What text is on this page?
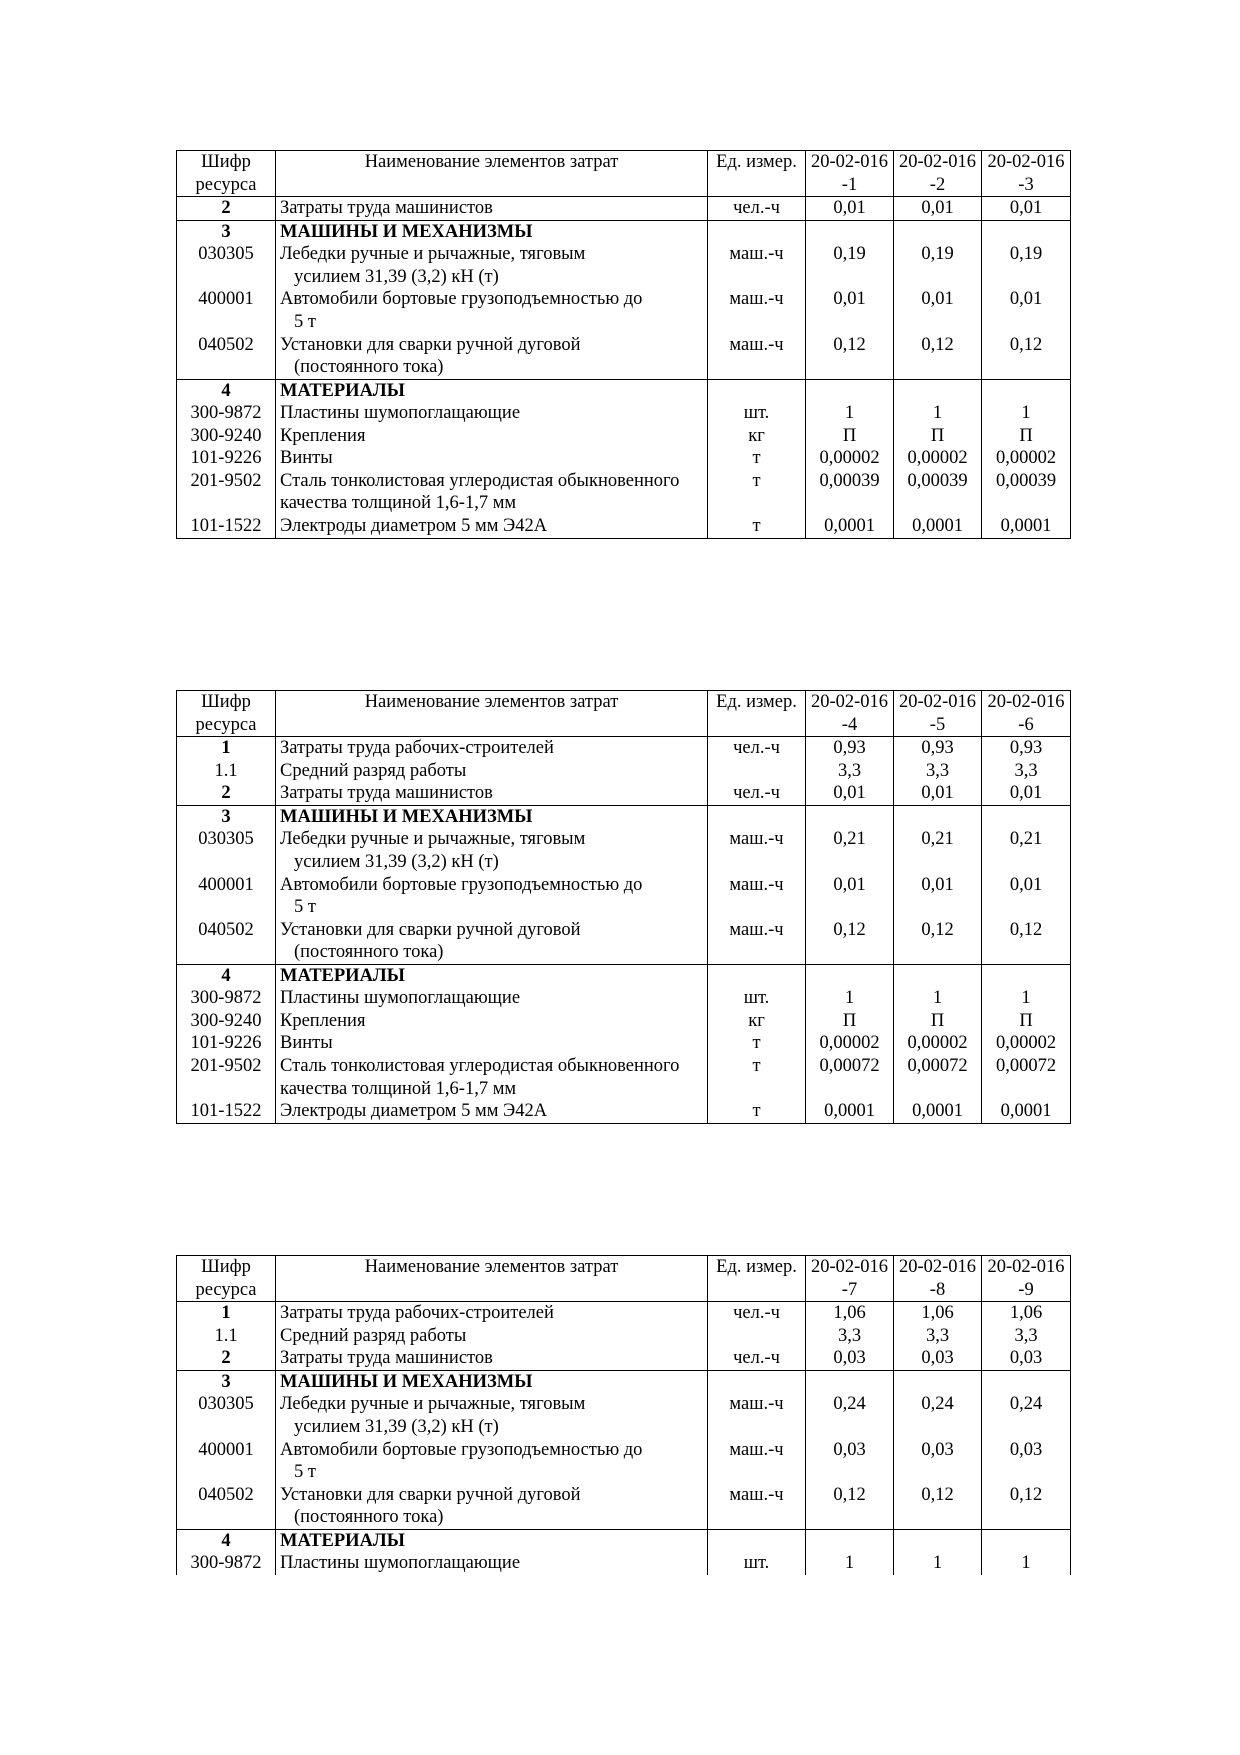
Шифр ресурса	Наименование элементов затрат	Ед. измер.	20-02-016-1	20-02-016-2	20-02-016-3
2	Затраты труда машинистов	чел.-ч	0,01	0,01	0,01
3	МАШИНЫ И МЕХАНИЗМЫ				

030305	Лебедки ручные и рычажные, тяговым
усилием 31,39 (3,2) кН (т)	маш.-ч	0,19	0,19	0,19
400001	Автомобили бортовые грузоподъемностью до
5 т	маш.-ч	0,01	0,01	0,01
040502	Установки для сварки ручной дуговой
(постоянного тока)	маш.-ч	0,12	0,12	0,12
4	МАТЕРИАЛЫ				

300-9872	Пластины шумопоглащающие	шт.	1	1	1
300-9240	Крепления	кг	П	П	П
101-9226	Винты	т	0,00002	0,00002	0,00002
201-9502	Сталь тонколистовая углеродистая обыкновенного качества толщиной 1,6-1,7 мм	т	0,00039	0,00039	0,00039
101-1522	Электроды диаметром 5 мм Э42А	т	0,0001	0,0001	0,0001
Шифр ресурса	Наименование элементов затрат	Ед. измер.	20-02-016-4	20-02-016-5	20-02-016-6
1	Затраты труда рабочих-строителей	чел.-ч	0,93	0,93	0,93
1.1	Средний разряд работы		3,3	3,3	3,3
2	Затраты труда машинистов	чел.-ч	0,01	0,01	0,01
3	МАШИНЫ И МЕХАНИЗМЫ				

030305	Лебедки ручные и рычажные, тяговым
усилием 31,39 (3,2) кН (т)	маш.-ч	0,21	0,21	0,21
400001	Автомобили бортовые грузоподъемностью до
5 т	маш.-ч	0,01	0,01	0,01
040502	Установки для сварки ручной дуговой
(постоянного тока)	маш.-ч	0,12	0,12	0,12
4	МАТЕРИАЛЫ				

300-9872	Пластины шумопоглащающие	шт.	1	1	1
300-9240	Крепления	кг	П	П	П
101-9226	Винты	т	0,00002	0,00002	0,00002
201-9502	Сталь тонколистовая углеродистая обыкновенного качества толщиной 1,6-1,7 мм	т	0,00072	0,00072	0,00072
101-1522	Электроды диаметром 5 мм Э42А	т	0,0001	0,0001	0,0001
Шифр ресурса	Наименование элементов затрат	Ед. измер.	20-02-016-7	20-02-016-8	20-02-016-9
1	Затраты труда рабочих-строителей	чел.-ч	1,06	1,06	1,06
1.1	Средний разряд работы		3,3	3,3	3,3
2	Затраты труда машинистов	чел.-ч	0,03	0,03	0,03
3	МАШИНЫ И МЕХАНИЗМЫ				

030305	Лебедки ручные и рычажные, тяговым
усилием 31,39 (3,2) кН (т)	маш.-ч	0,24	0,24	0,24
400001	Автомобили бортовые грузоподъемностью до
5 т	маш.-ч	0,03	0,03	0,03
040502	Установки для сварки ручной дуговой
(постоянного тока)	маш.-ч	0,12	0,12	0,12
4	МАТЕРИАЛЫ				

300-9872	Пластины шумопоглащающие	шт.	1	1	1
